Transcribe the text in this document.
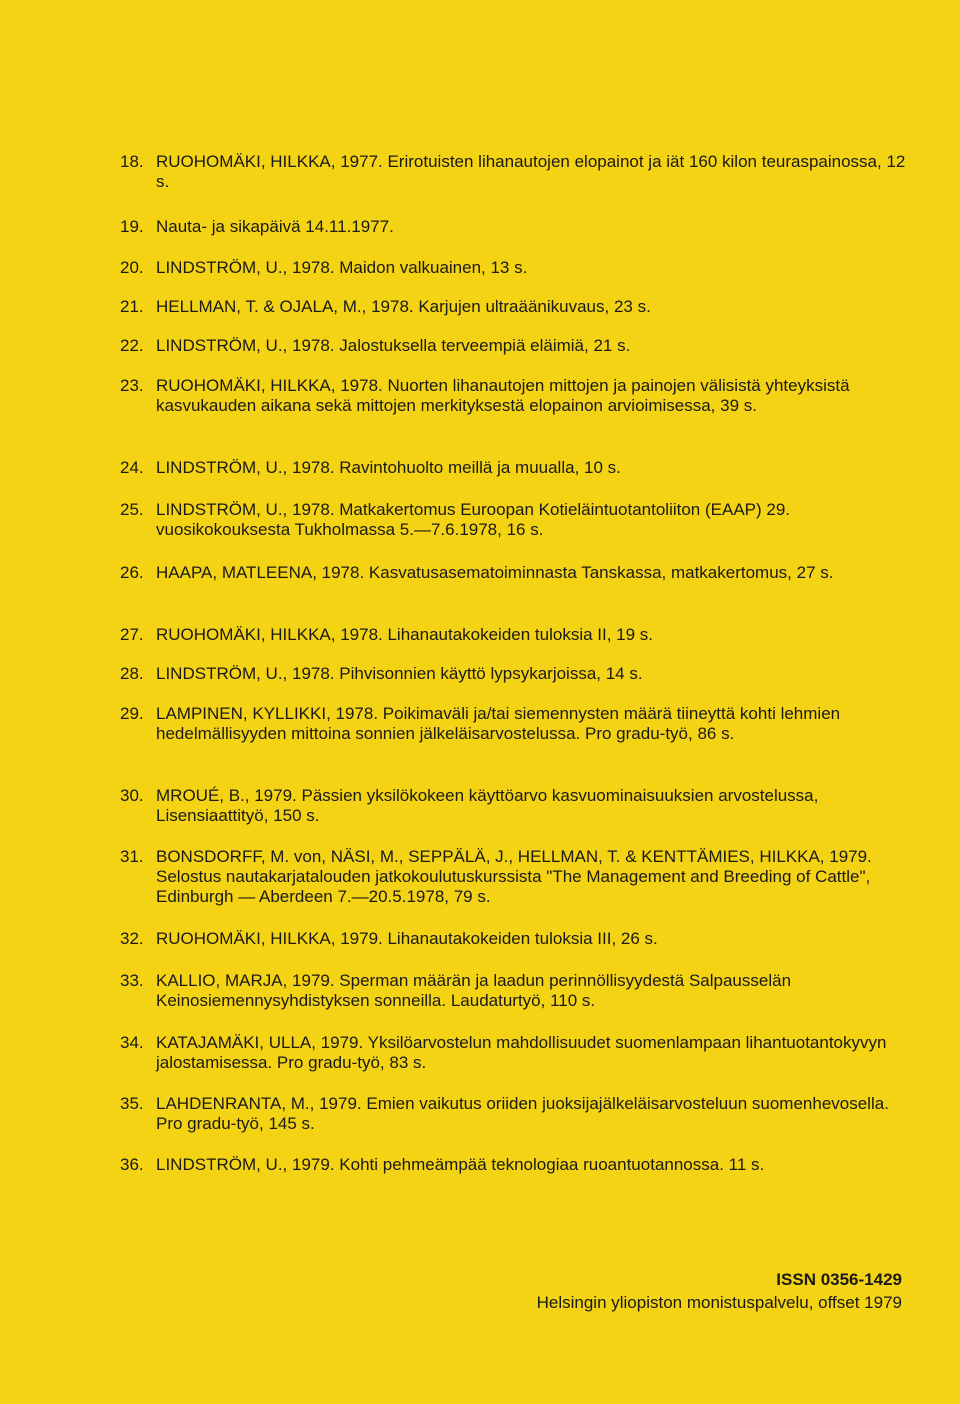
18. RUOHOMÄKI, HILKKA, 1977. Erirotuisten lihanautojen elopainot ja iät 160 kilon teuraspainossa, 12 s.
19. Nauta- ja sikapäivä 14.11.1977.
20. LINDSTRÖM, U., 1978. Maidon valkuainen, 13 s.
21. HELLMAN, T. & OJALA, M., 1978. Karjujen ultraäänikuvaus, 23 s.
22. LINDSTRÖM, U., 1978. Jalostuksella terveempiä eläimiä, 21 s.
23. RUOHOMÄKI, HILKKA, 1978. Nuorten lihanautojen mittojen ja painojen välisistä yhteyksistä kasvukauden aikana sekä mittojen merkityksestä elopainon arvioimisessa, 39 s.
24. LINDSTRÖM, U., 1978. Ravintohuolto meillä ja muualla, 10 s.
25. LINDSTRÖM, U., 1978. Matkakertomus Euroopan Kotieläintuotantoliiton (EAAP) 29. vuosikokouksesta Tukholmassa 5.—7.6.1978, 16 s.
26. HAAPA, MATLEENA, 1978. Kasvatusasematoiminnasta Tanskassa, matkakertomus, 27 s.
27. RUOHOMÄKI, HILKKA, 1978. Lihanautakokeiden tuloksia II, 19 s.
28. LINDSTRÖM, U., 1978. Pihvisonnien käyttö lypsykarjoissa, 14 s.
29. LAMPINEN, KYLLIKKI, 1978. Poikimaväli ja/tai siemennysten määrä tiineyttä kohti lehmien hedelmällisyyden mittoina sonnien jälkeläisarvostelussa. Pro gradu-työ, 86 s.
30. MROUÉ, B., 1979. Pässien yksilökokeen käyttöarvo kasvuominaisuuksien arvostelussa, Lisensiaattityö, 150 s.
31. BONSDORFF, M. von, NÄSI, M., SEPPÄLÄ, J., HELLMAN, T. & KENTTÄMIES, HILKKA, 1979. Selostus nautakarjatalouden jatkokoulutuskurssista "The Management and Breeding of Cattle", Edinburgh — Aberdeen 7.—20.5.1978, 79 s.
32. RUOHOMÄKI, HILKKA, 1979. Lihanautakokeiden tuloksia III, 26 s.
33. KALLIO, MARJA, 1979. Sperman määrän ja laadun perinnöllisyydestä Salpausselän Keinosiemennysyhdistyksen sonneilla. Laudaturtyö, 110 s.
34. KATAJAMÄKI, ULLA, 1979. Yksilöarvostelun mahdollisuudet suomenlampaan lihantuotantokyvyn jalostamisessa. Pro gradu-työ, 83 s.
35. LAHDENRANTA, M., 1979. Emien vaikutus oriiden juoksijajälkeläisarvosteluun suomenhevosella. Pro gradu-työ, 145 s.
36. LINDSTRÖM, U., 1979. Kohti pehmeämpää teknologiaa ruoantuotannossa. 11 s.
ISSN 0356-1429
Helsingin yliopiston monistuspalvelu, offset 1979
